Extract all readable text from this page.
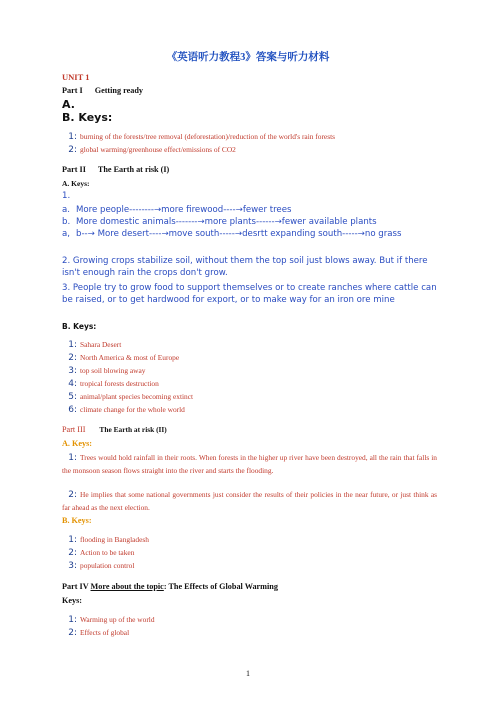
《英语听力教程3》答案与听力材料
UNIT 1
Part I Getting ready
A.
B. Keys:
1: burning of the forests/tree removal (deforestation)/reduction of the world's rain forests
2: global warming/greenhouse effect/emissions of CO2
Part II The Earth at risk (I)
A. Keys:
1.
a. More people--------→more firewood----→fewer trees
b. More domestic animals-------→more plants------→fewer available plants
a, b--→ More desert----→move south-----→desrtt expanding south-----→no grass
2. Growing crops stabilize soil, without them the top soil just blows away. But if there isn't enough rain the crops don't grow.
3. People try to grow food to support themselves or to create ranches where cattle can be raised, or to get hardwood for export, or to make way for an iron ore mine
B. Keys:
1: Sahara Desert
2: North America & most of Europe
3: top soil blowing away
4: tropical forests destruction
5: animal/plant species becoming extinct
6: climate change for the whole world
Part III The Earth at risk (II)
A. Keys:
1: Trees would hold rainfall in their roots. When forests in the higher up river have been destroyed, all the rain that falls in the monsoon season flows straight into the river and starts the flooding.
2: He implies that some national governments just consider the results of their policies in the near future, or just think as far ahead as the next election.
B. Keys:
1: flooding in Bangladesh
2: Action to be taken
3: population control
Part IV More about the topic: The Effects of Global Warming
Keys:
1: Warming up of the world
2: Effects of global
1
